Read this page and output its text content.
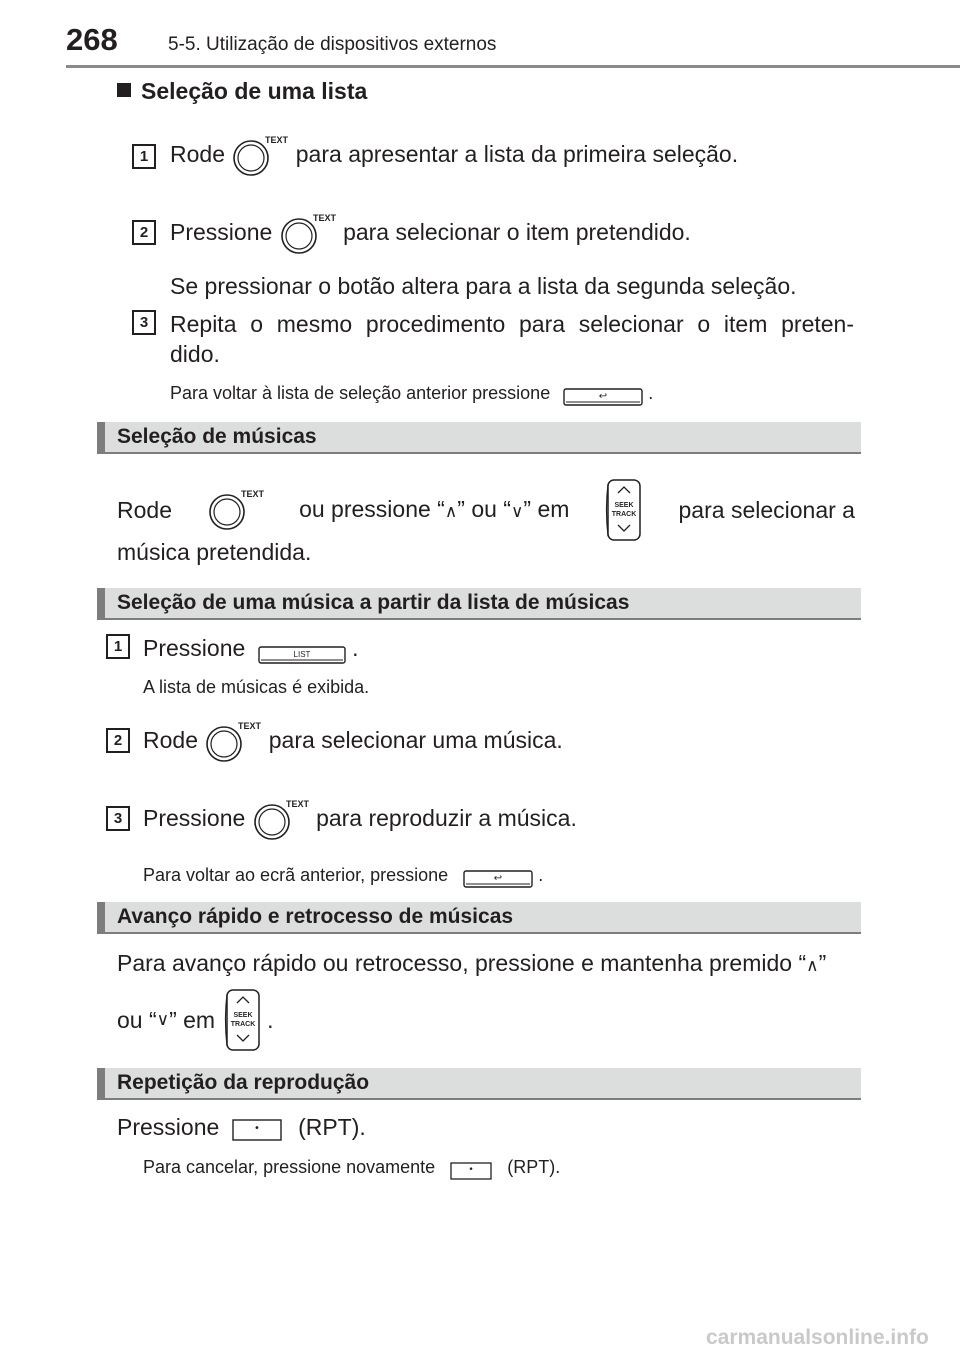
268	5-5. Utilização de dispositivos externos
Seleção de uma lista
1 Rode
TEXT
para apresentar a lista da primeira seleção.
2 Pressione
TEXT
para selecionar o item pretendido.
Se pressionar o botão altera para a lista da segunda seleção.
3 Repita o mesmo procedimento para selecionar o item preten-
dido.
Para voltar à lista de seleção anterior pressione	↩ .
Seleção de músicas
Rode
TEXT
ou pressione “∧” ou “∨” em	SEEK
TRACK para selecionar a
música pretendida.
Seleção de uma música a partir da lista de músicas
1 Pressione	LIST .
A lista de músicas é exibida.
2 Rode
TEXT
para selecionar uma música.
3 Pressione
TEXT
para reproduzir a música.
Para voltar ao ecrã anterior, pressione	↩ .
Avanço rápido e retrocesso de músicas
Para avanço rápido ou retrocesso, pressione e mantenha premido “∧”
ou “ ∨ ” em	SEEK
TRACK .
Repetição da reprodução
Pressione	• (RPT).
Para cancelar, pressione novamente	• (RPT).
carmanualsonline.info
